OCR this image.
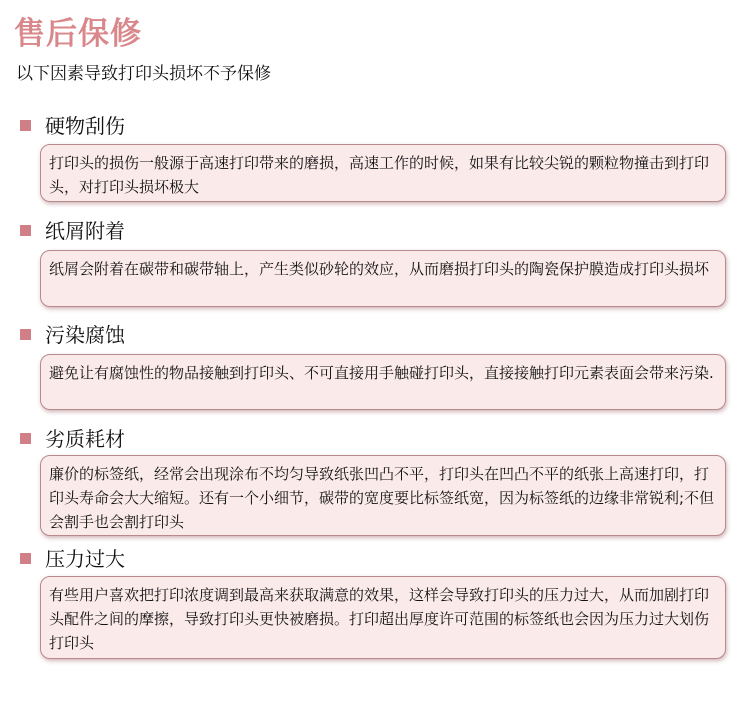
售后保修
以下因素导致打印头损坏不予保修
硬物刮伤
打印头的损伤一般源于高速打印带来的磨损，高速工作的时候，如果有比较尖锐的颗粒物撞击到打印头，对打印头损坏极大
纸屑附着
纸屑会附着在碳带和碳带轴上，产生类似砂轮的效应，从而磨损打印头的陶瓷保护膜造成打印头损坏
污染腐蚀
避免让有腐蚀性的物品接触到打印头、不可直接用手触碰打印头，直接接触打印元素表面会带来污染.
劣质耗材
廉价的标签纸，经常会出现涂布不均匀导致纸张凹凸不平，打印头在凹凸不平的纸张上高速打印，打印头寿命会大大缩短。还有一个小细节，碳带的宽度要比标签纸宽，因为标签纸的边缘非常锐利;不但会割手也会割打印头
压力过大
有些用户喜欢把打印浓度调到最高来获取满意的效果，这样会导致打印头的压力过大，从而加剧打印头配件之间的摩擦，导致打印头更快被磨损。打印超出厚度许可范围的标签纸也会因为压力过大划伤打印头
